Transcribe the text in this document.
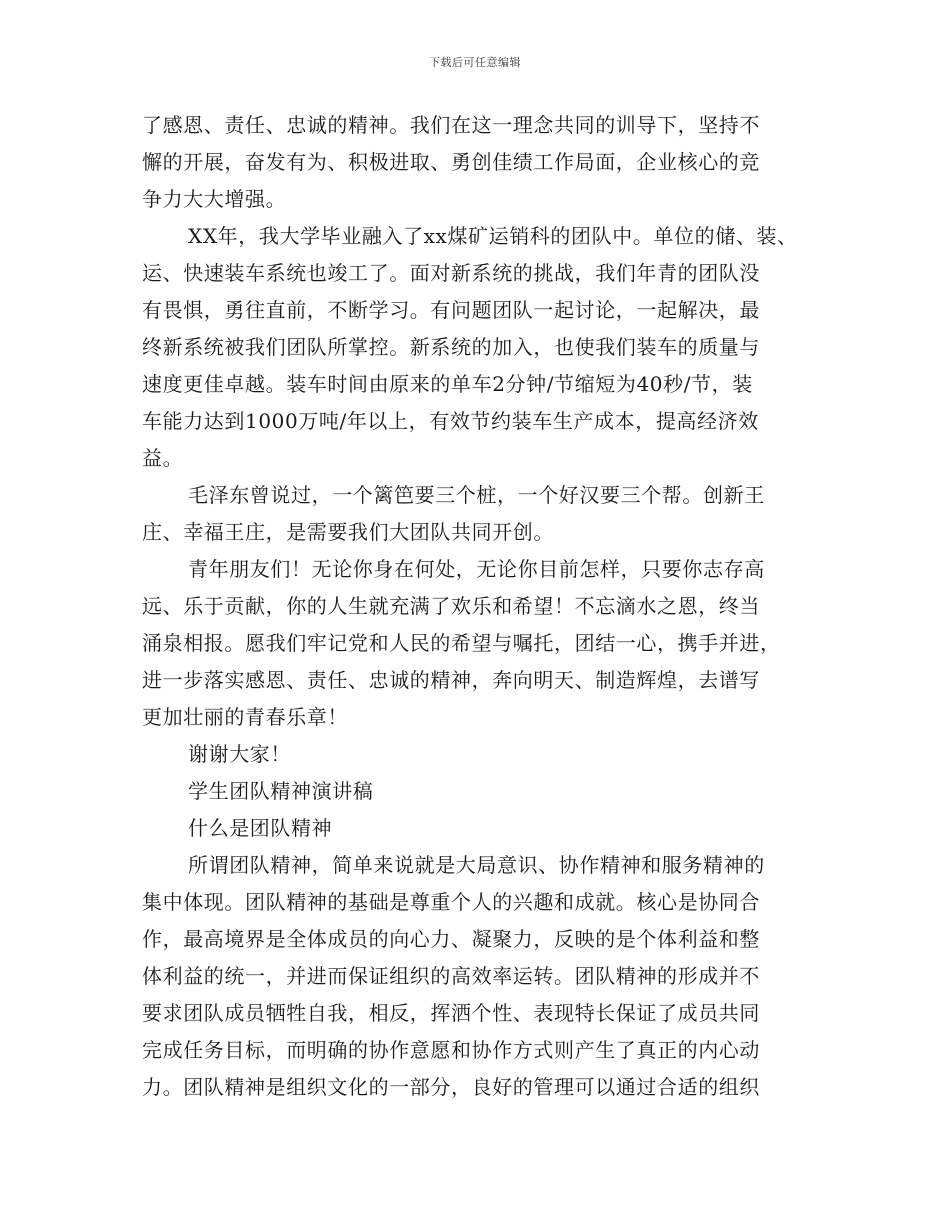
下载后可任意编辑
了感恩、责任、忠诚的精神。我们在这一理念共同的训导下，坚持不
懈的开展，奋发有为、积极进取、勇创佳绩工作局面，企业核心的竞
争力大大增强。
XX年，我大学毕业融入了xx煤矿运销科的团队中。单位的储、装、
运、快速装车系统也竣工了。面对新系统的挑战，我们年青的团队没
有畏惧，勇往直前，不断学习。有问题团队一起讨论，一起解决，最
终新系统被我们团队所掌控。新系统的加入，也使我们装车的质量与
速度更佳卓越。装车时间由原来的单车2分钟/节缩短为40秒/节，装
车能力达到1000万吨/年以上，有效节约装车生产成本，提高经济效
益。
毛泽东曾说过，一个篱笆要三个桩，一个好汉要三个帮。创新王
庄、幸福王庄，是需要我们大团队共同开创。
青年朋友们！无论你身在何处，无论你目前怎样，只要你志存高
远、乐于贡献，你的人生就充满了欢乐和希望！不忘滴水之恩，终当
涌泉相报。愿我们牢记党和人民的希望与嘱托，团结一心，携手并进，
进一步落实感恩、责任、忠诚的精神，奔向明天、制造辉煌，去谱写
更加壮丽的青春乐章！
谢谢大家！
学生团队精神演讲稿
什么是团队精神
所谓团队精神，简单来说就是大局意识、协作精神和服务精神的
集中体现。团队精神的基础是尊重个人的兴趣和成就。核心是协同合
作，最高境界是全体成员的向心力、凝聚力，反映的是个体利益和整
体利益的统一，并进而保证组织的高效率运转。团队精神的形成并不
要求团队成员牺牲自我，相反，挥洒个性、表现特长保证了成员共同
完成任务目标，而明确的协作意愿和协作方式则产生了真正的内心动
力。团队精神是组织文化的一部分，良好的管理可以通过合适的组织
